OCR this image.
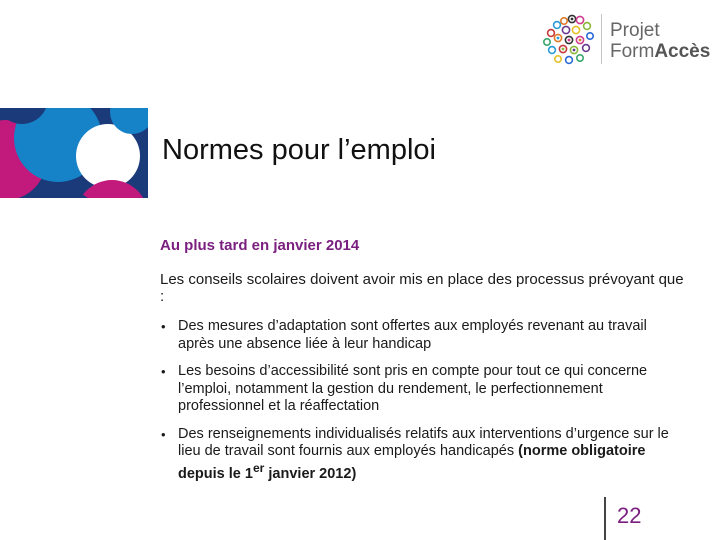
Projet
FormAccès
Normes pour l’emploi

Au plus tard en janvier 2014

Les conseils scolaires doivent avoir mis en place des processus prévoyant que :

• Des mesures d’adaptation sont offertes aux employés revenant au travail après une absence liée à leur handicap
• Les besoins d’accessibilité sont pris en compte pour tout ce qui concerne l’emploi, notamment la gestion du rendement, le perfectionnement professionnel et la réaffectation
• Des renseignements individualisés relatifs aux interventions d’urgence sur le lieu de travail sont fournis aux employés handicapés (norme obligatoire depuis le 1er janvier 2012)
22
